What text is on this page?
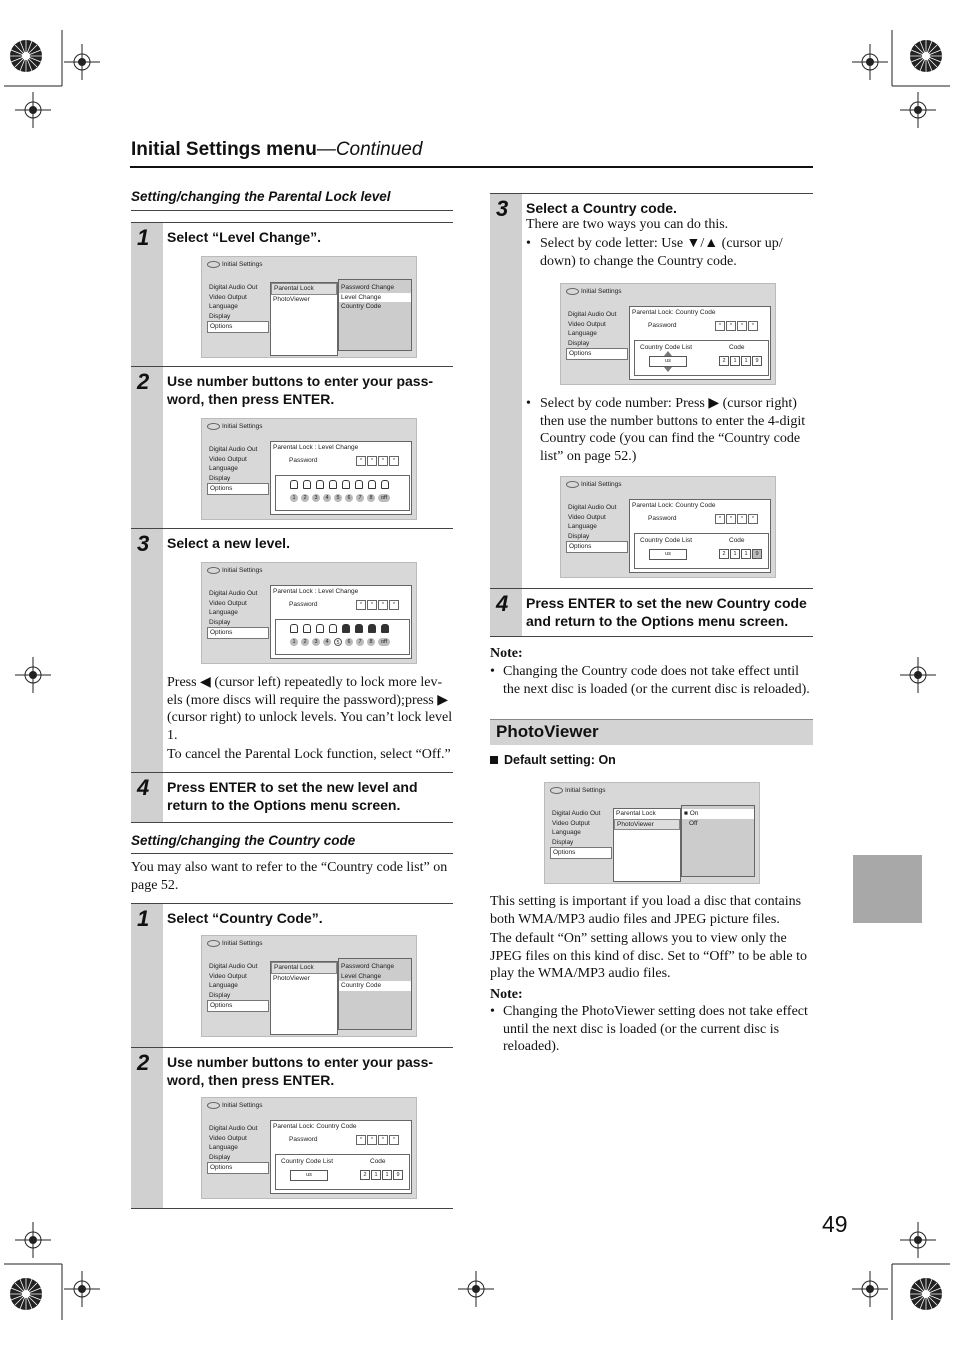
Initial Settings menu—Continued
Setting/changing the Parental Lock level
1 Select “Level Change”.
Initial Settings
Digital Audio Out
Video Output
Language
Display
Options
Parental Lock
PhotoViewer
Password Change
Level Change
Country Code
2 Use number buttons to enter your pass-word, then press ENTER.
Initial Settings
Digital Audio Out
Video Output
Language
Display
Options
Parental Lock : Level Change
Password	*	*	*	*
1	2	3	4	5	6	7	8	off
3 Select a new level.
Initial Settings
Digital Audio Out
Video Output
Language
Display
Options
Parental Lock : Level Change
Password	*	*	*	*
1	2	3	4	5	6	7	8	off
Press ◀ (cursor left) repeatedly to lock more lev-els (more discs will require the password);press ▶ (cursor right) to unlock levels. You can’t lock level 1.
To cancel the Parental Lock function, select “Off.”
4 Press ENTER to set the new level and return to the Options menu screen.
Setting/changing the Country code
You may also want to refer to the “Country code list” on page 52.
1 Select “Country Code”.
Initial Settings
Digital Audio Out
Video Output
Language
Display
Options
Parental Lock
PhotoViewer
Password Change
Level Change
Country Code
2 Use number buttons to enter your pass-word, then press ENTER.
Initial Settings
Digital Audio Out
Video Output
Language
Display
Options
Parental Lock: Country Code
Password	*	*	*	*
Country Code List	Code
us	2	1	1	9
3 Select a Country code.
There are two ways you can do this.
• Select by code letter: Use ▼/▲ (cursor up/ down) to change the Country code.
Initial Settings
Digital Audio Out
Video Output
Language
Display
Options
Parental Lock: Country Code
Password	*	*	*	*
Country Code List	Code
us	2	1	1	9
• Select by code number: Press ▶ (cursor right) then use the number buttons to enter the 4-digit Country code (you can find the “Country code list” on page 52.)
Initial Settings
Digital Audio Out
Video Output
Language
Display
Options
Parental Lock: Country Code
Password	*	*	*	*
Country Code List	Code
us	2	1	1	9
4 Press ENTER to set the new Country code and return to the Options menu screen.
Note:
• Changing the Country code does not take effect until the next disc is loaded (or the current disc is reloaded).
PhotoViewer
Default setting: On
Initial Settings
Digital Audio Out
Video Output
Language
Display
Options
Parental Lock
PhotoViewer
■ On
Off
This setting is important if you load a disc that contains both WMA/MP3 audio files and JPEG picture files.
The default “On” setting allows you to view only the JPEG files on this kind of disc. Set to “Off” to be able to play the WMA/MP3 audio files.
Note:
• Changing the PhotoViewer setting does not take effect until the next disc is loaded (or the current disc is reloaded).
49
